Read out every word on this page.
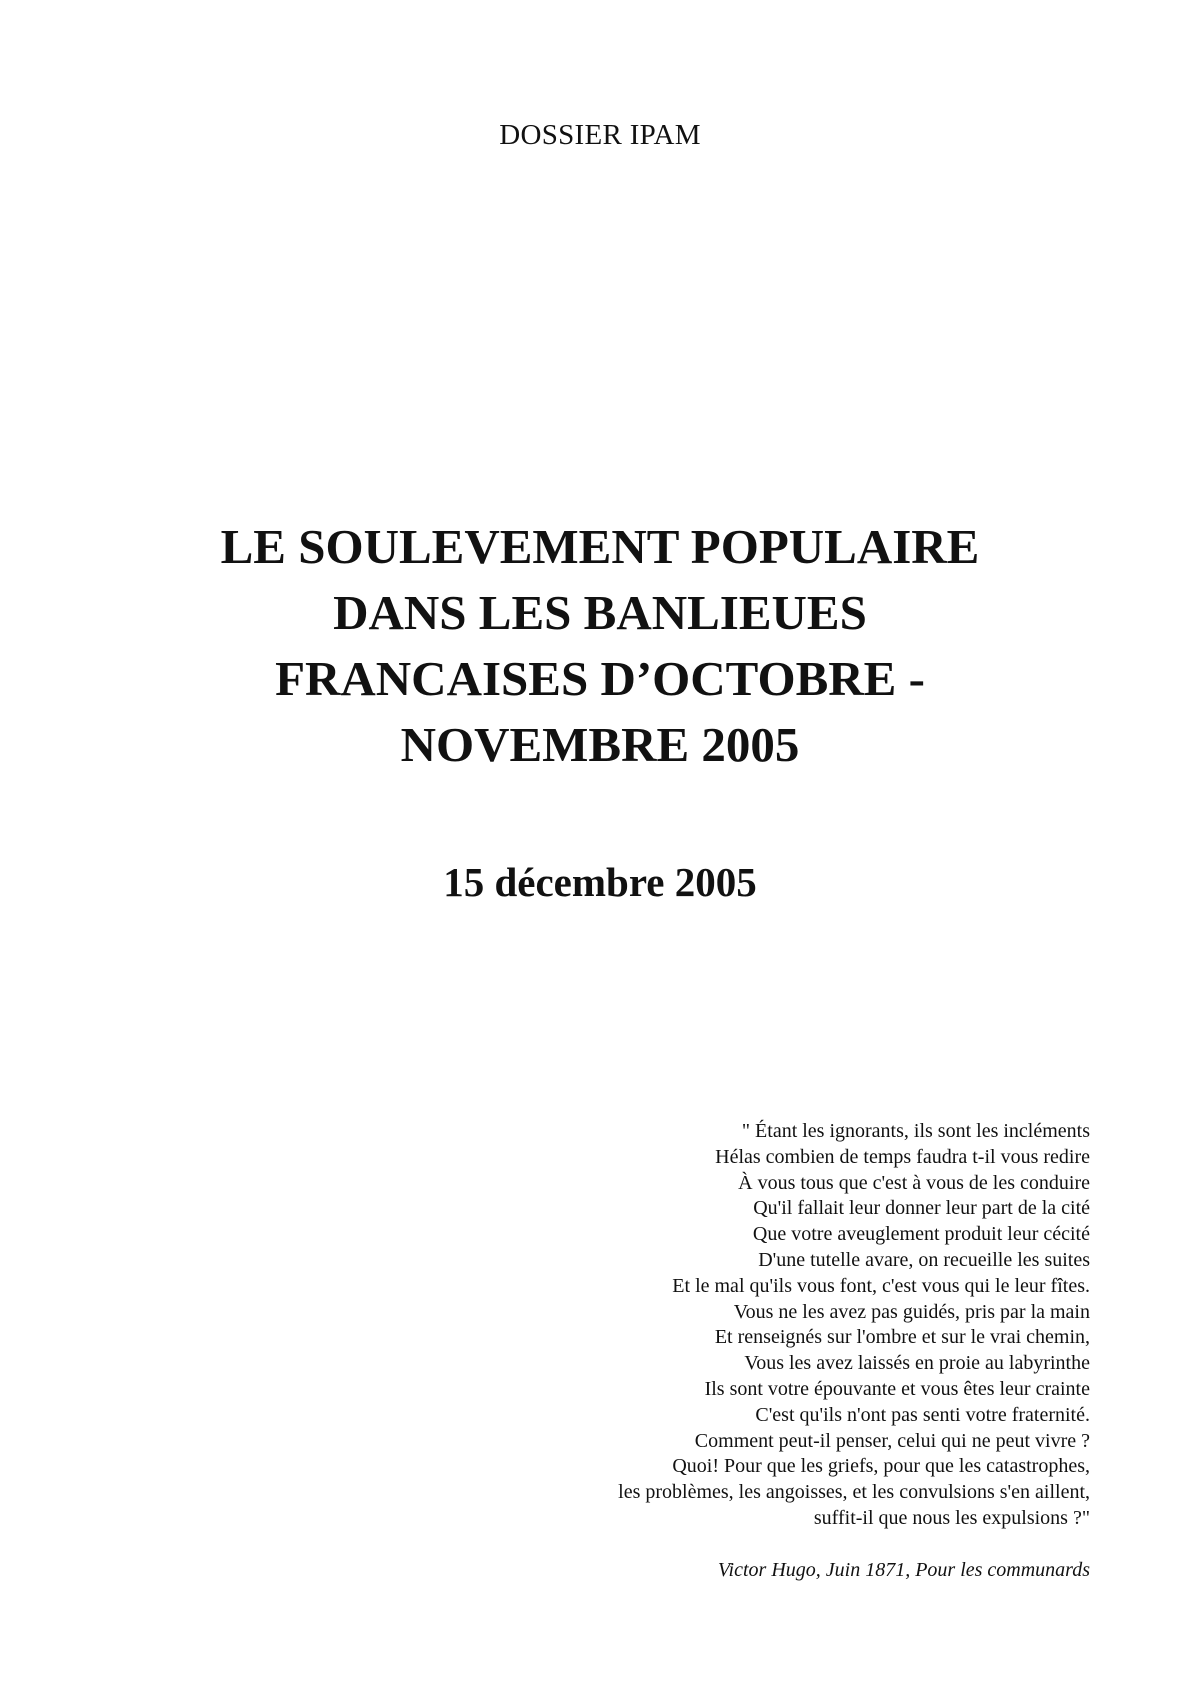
DOSSIER IPAM
LE SOULEVEMENT POPULAIRE
DANS LES BANLIEUES
FRANCAISES D’OCTOBRE -
NOVEMBRE 2005
15 décembre 2005
" Étant les ignorants, ils sont les incléments
Hélas combien de temps faudra t-il vous redire
À vous tous que c'est à vous de les conduire
Qu'il fallait leur donner leur part de la cité
Que votre aveuglement produit leur cécité
D'une tutelle avare, on recueille les suites
Et le mal qu'ils vous font, c'est vous qui le leur fîtes.
Vous ne les avez pas guidés, pris par la main
Et renseignés sur l'ombre et sur le vrai chemin,
Vous les avez laissés en proie au labyrinthe
Ils sont votre épouvante et vous êtes leur crainte
C'est qu'ils n'ont pas senti votre fraternité.
Comment peut-il penser, celui qui ne peut vivre ?
Quoi! Pour que les griefs, pour que les catastrophes,
les problèmes, les angoisses, et les convulsions s'en aillent,
suffit-il que nous les expulsions ?"
Victor Hugo, Juin 1871, Pour les communards
